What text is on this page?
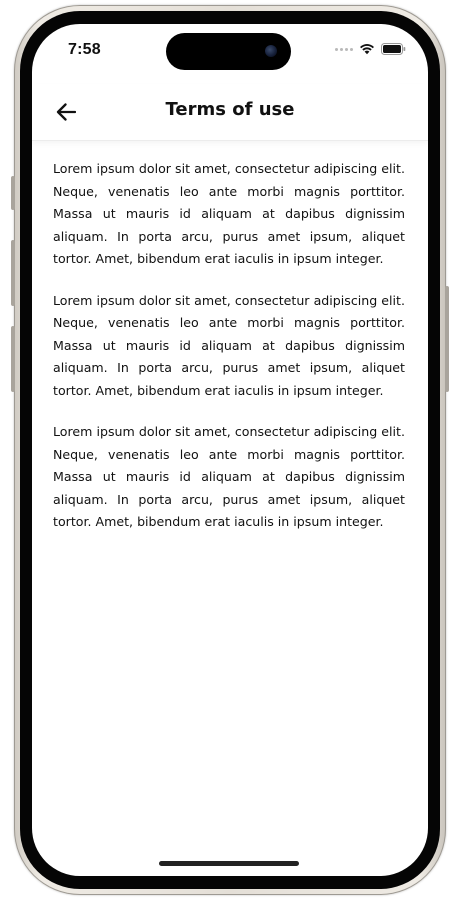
7:58
Terms of use

Lorem ipsum dolor sit amet, consectetur adipiscing elit. Neque, venenatis leo ante morbi magnis porttitor. Massa ut mauris id aliquam at dapibus dignissim aliquam. In porta arcu, purus amet ipsum, aliquet tortor. Amet, bibendum erat iaculis in ipsum integer.

Lorem ipsum dolor sit amet, consectetur adipiscing elit. Neque, venenatis leo ante morbi magnis porttitor. Massa ut mauris id aliquam at dapibus dignissim aliquam. In porta arcu, purus amet ipsum, aliquet tortor. Amet, bibendum erat iaculis in ipsum integer.

Lorem ipsum dolor sit amet, consectetur adipiscing elit. Neque, venenatis leo ante morbi magnis porttitor. Massa ut mauris id aliquam at dapibus dignissim aliquam. In porta arcu, purus amet ipsum, aliquet tortor. Amet, bibendum erat iaculis in ipsum integer.
